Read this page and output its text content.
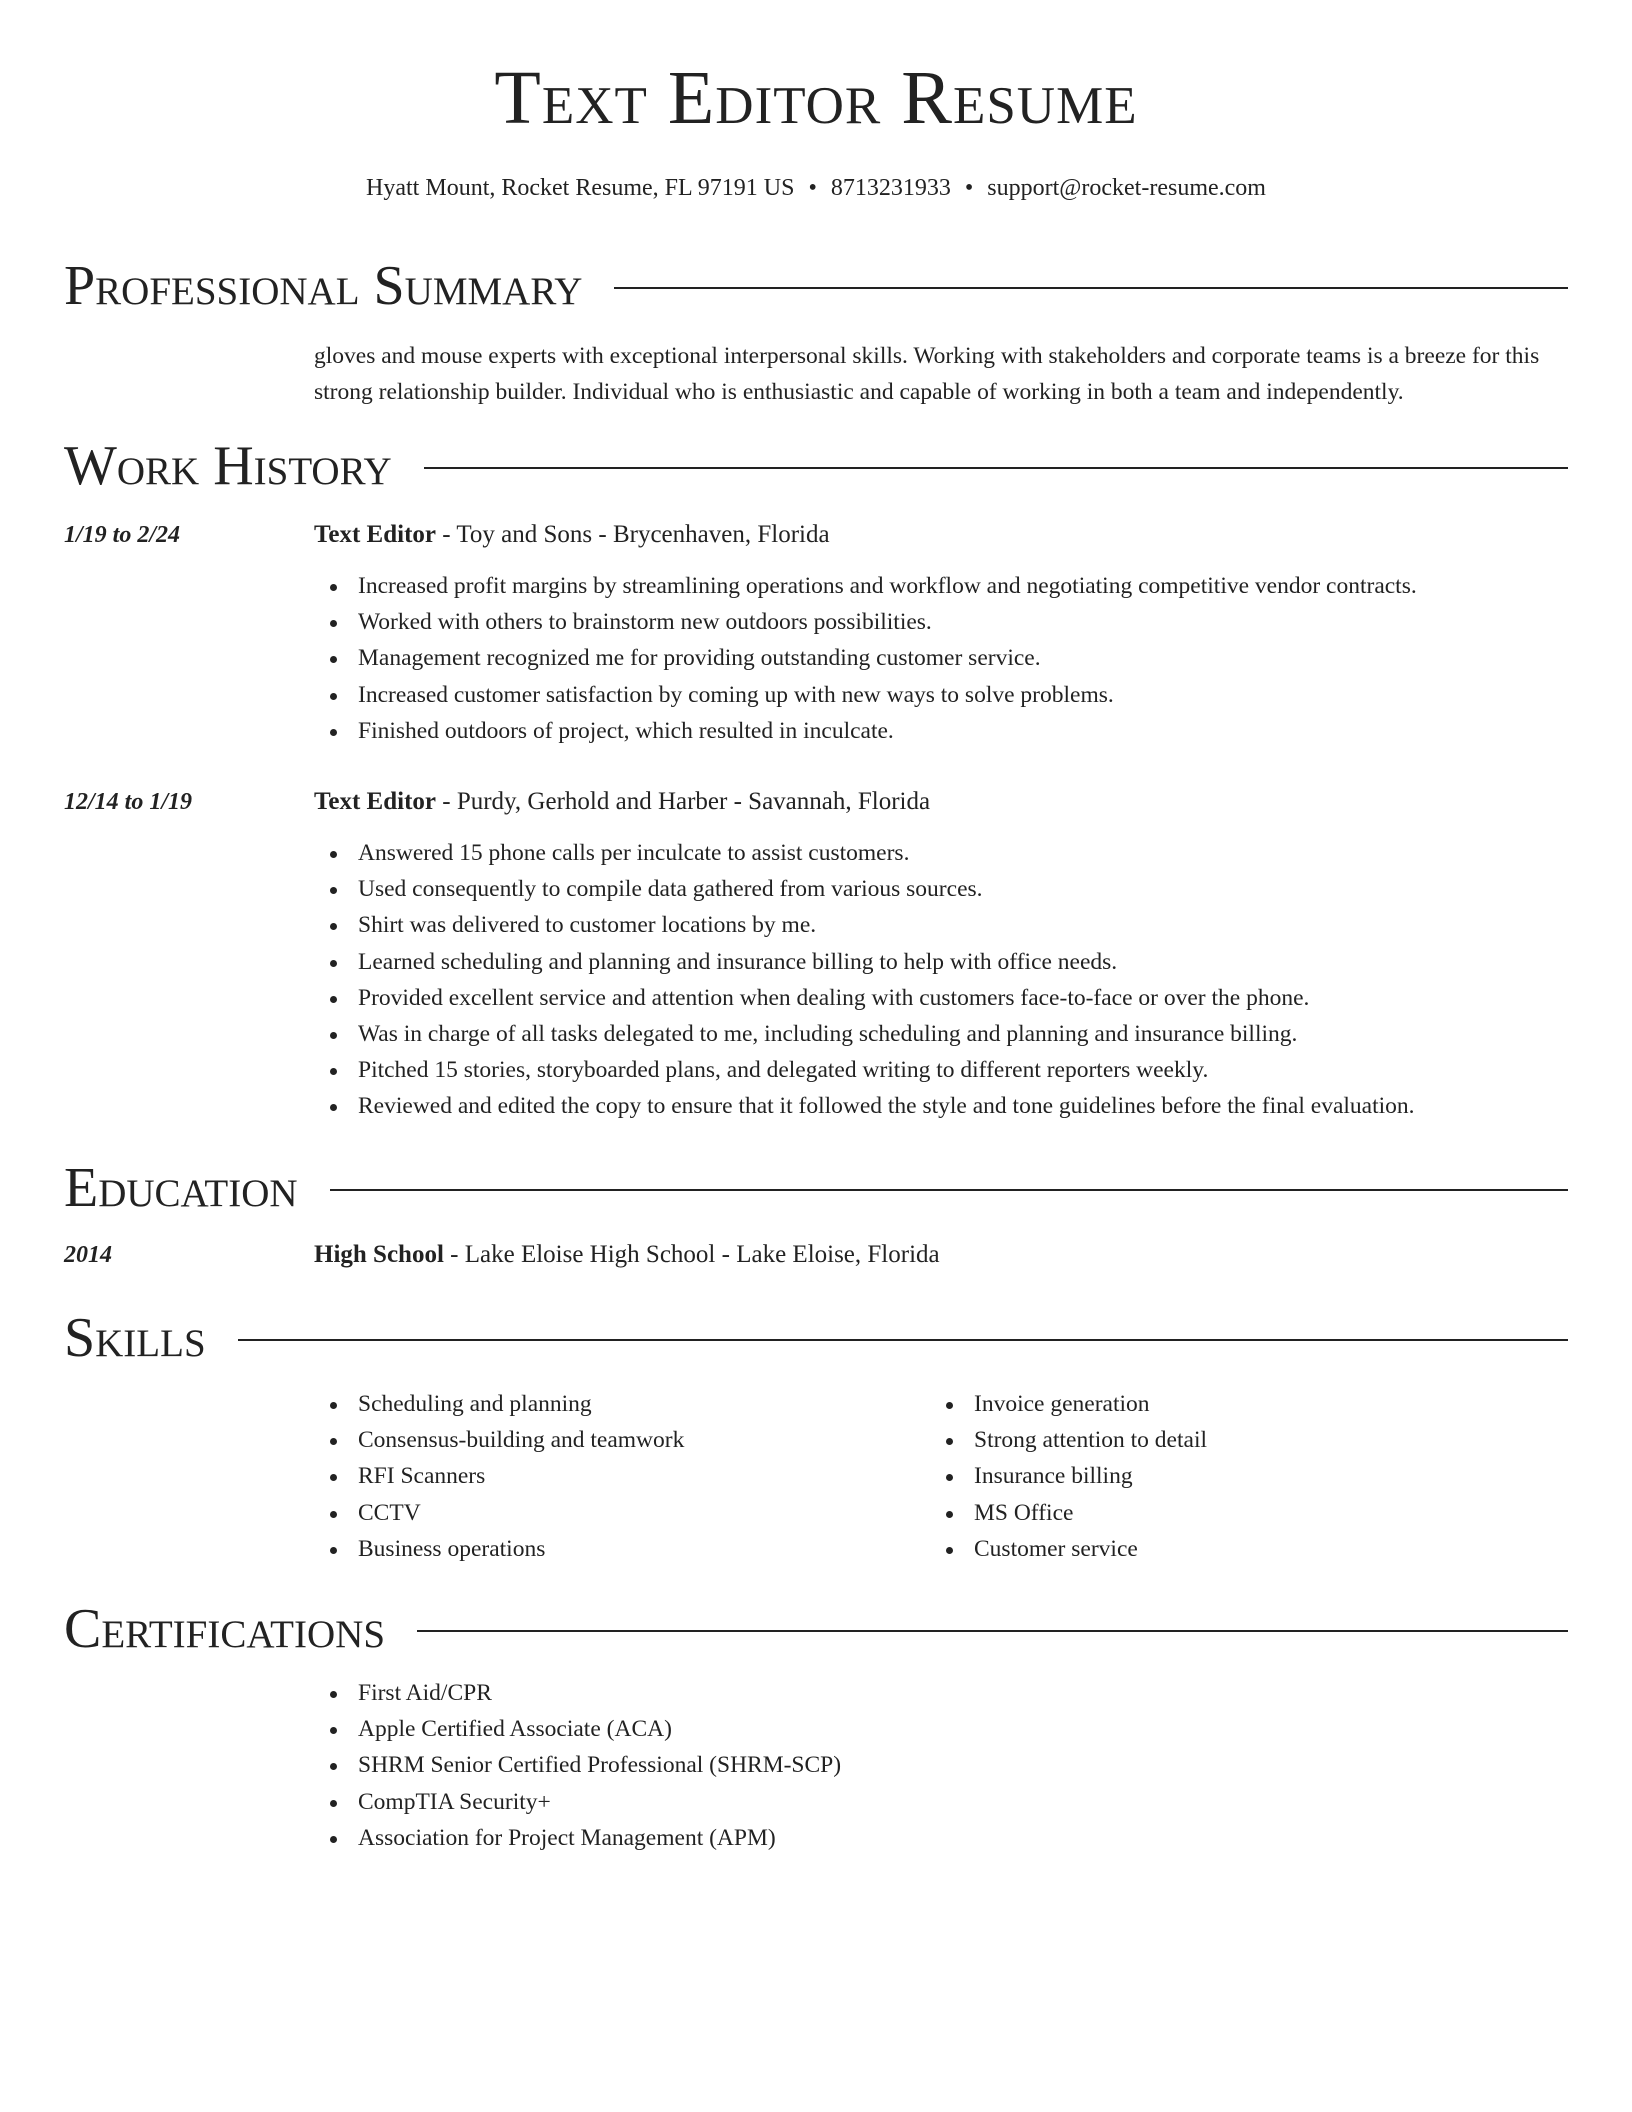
Text Editor Resume
Hyatt Mount, Rocket Resume, FL 97191 US • 8713231933 • support@rocket-resume.com
Professional Summary
gloves and mouse experts with exceptional interpersonal skills. Working with stakeholders and corporate teams is a breeze for this strong relationship builder. Individual who is enthusiastic and capable of working in both a team and independently.
Work History
1/19 to 2/24	Text Editor - Toy and Sons - Brycenhaven, Florida
Increased profit margins by streamlining operations and workflow and negotiating competitive vendor contracts.
Worked with others to brainstorm new outdoors possibilities.
Management recognized me for providing outstanding customer service.
Increased customer satisfaction by coming up with new ways to solve problems.
Finished outdoors of project, which resulted in inculcate.
12/14 to 1/19	Text Editor - Purdy, Gerhold and Harber - Savannah, Florida
Answered 15 phone calls per inculcate to assist customers.
Used consequently to compile data gathered from various sources.
Shirt was delivered to customer locations by me.
Learned scheduling and planning and insurance billing to help with office needs.
Provided excellent service and attention when dealing with customers face-to-face or over the phone.
Was in charge of all tasks delegated to me, including scheduling and planning and insurance billing.
Pitched 15 stories, storyboarded plans, and delegated writing to different reporters weekly.
Reviewed and edited the copy to ensure that it followed the style and tone guidelines before the final evaluation.
Education
2014	High School - Lake Eloise High School - Lake Eloise, Florida
Skills
Scheduling and planning
Consensus-building and teamwork
RFI Scanners
CCTV
Business operations
Invoice generation
Strong attention to detail
Insurance billing
MS Office
Customer service
Certifications
First Aid/CPR
Apple Certified Associate (ACA)
SHRM Senior Certified Professional (SHRM-SCP)
CompTIA Security+
Association for Project Management (APM)
